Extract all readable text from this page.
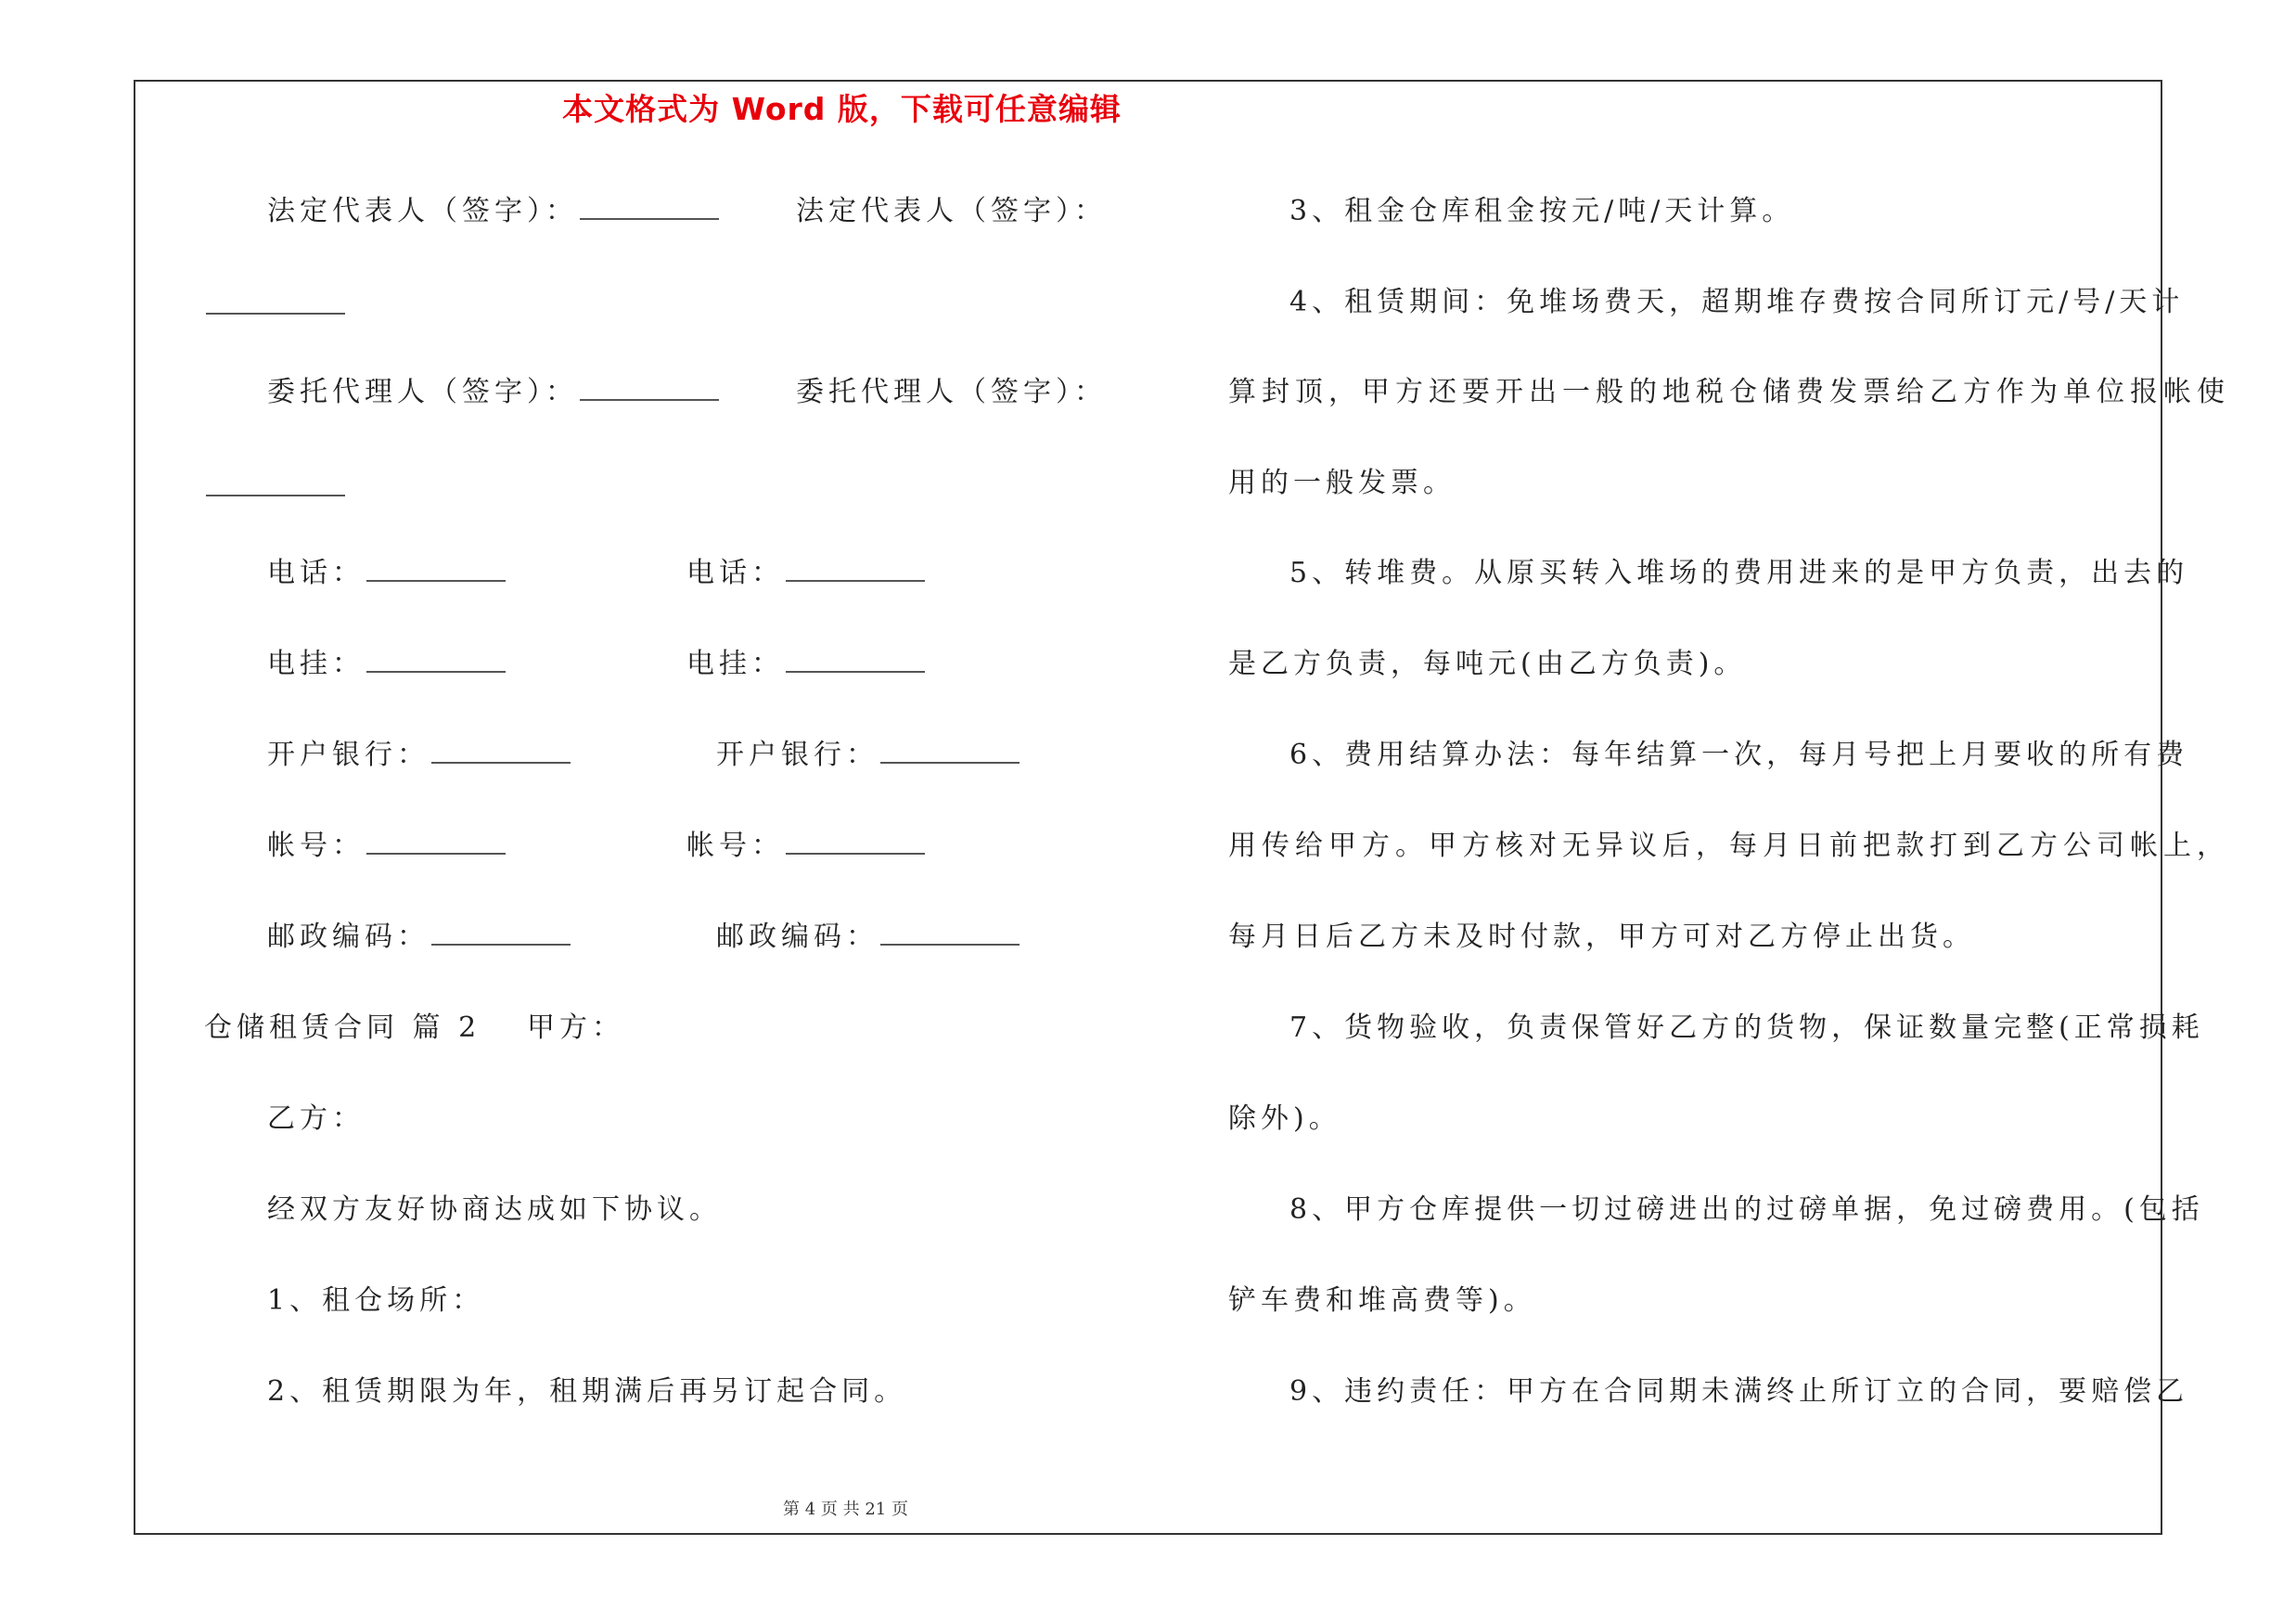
本文格式为 Word 版，下载可任意编辑
法定代表人（签字）：	法定代表人（签字）：
委托代理人（签字）：	委托代理人（签字）：
电话：	电话：
电挂：	电挂：
开户银行：	开户银行：
帐号：	帐号：
邮政编码：	邮政编码：
仓储租赁合同 篇 2 甲方：
乙方：
经双方友好协商达成如下协议。
1、租仓场所：
2、租赁期限为年，租期满后再另订起合同。
3、租金仓库租金按元/吨/天计算。
4、租赁期间：免堆场费天，超期堆存费按合同所订元/号/天计
算封顶，甲方还要开出一般的地税仓储费发票给乙方作为单位报帐使
用的一般发票。
5、转堆费。从原买转入堆场的费用进来的是甲方负责，出去的
是乙方负责，每吨元(由乙方负责)。
6、费用结算办法：每年结算一次，每月号把上月要收的所有费
用传给甲方。甲方核对无异议后，每月日前把款打到乙方公司帐上，
每月日后乙方未及时付款，甲方可对乙方停止出货。
7、货物验收，负责保管好乙方的货物，保证数量完整(正常损耗
除外)。
8、甲方仓库提供一切过磅进出的过磅单据，免过磅费用。(包括
铲车费和堆高费等)。
9、违约责任：甲方在合同期未满终止所订立的合同，要赔偿乙
第 4 页 共 21 页
